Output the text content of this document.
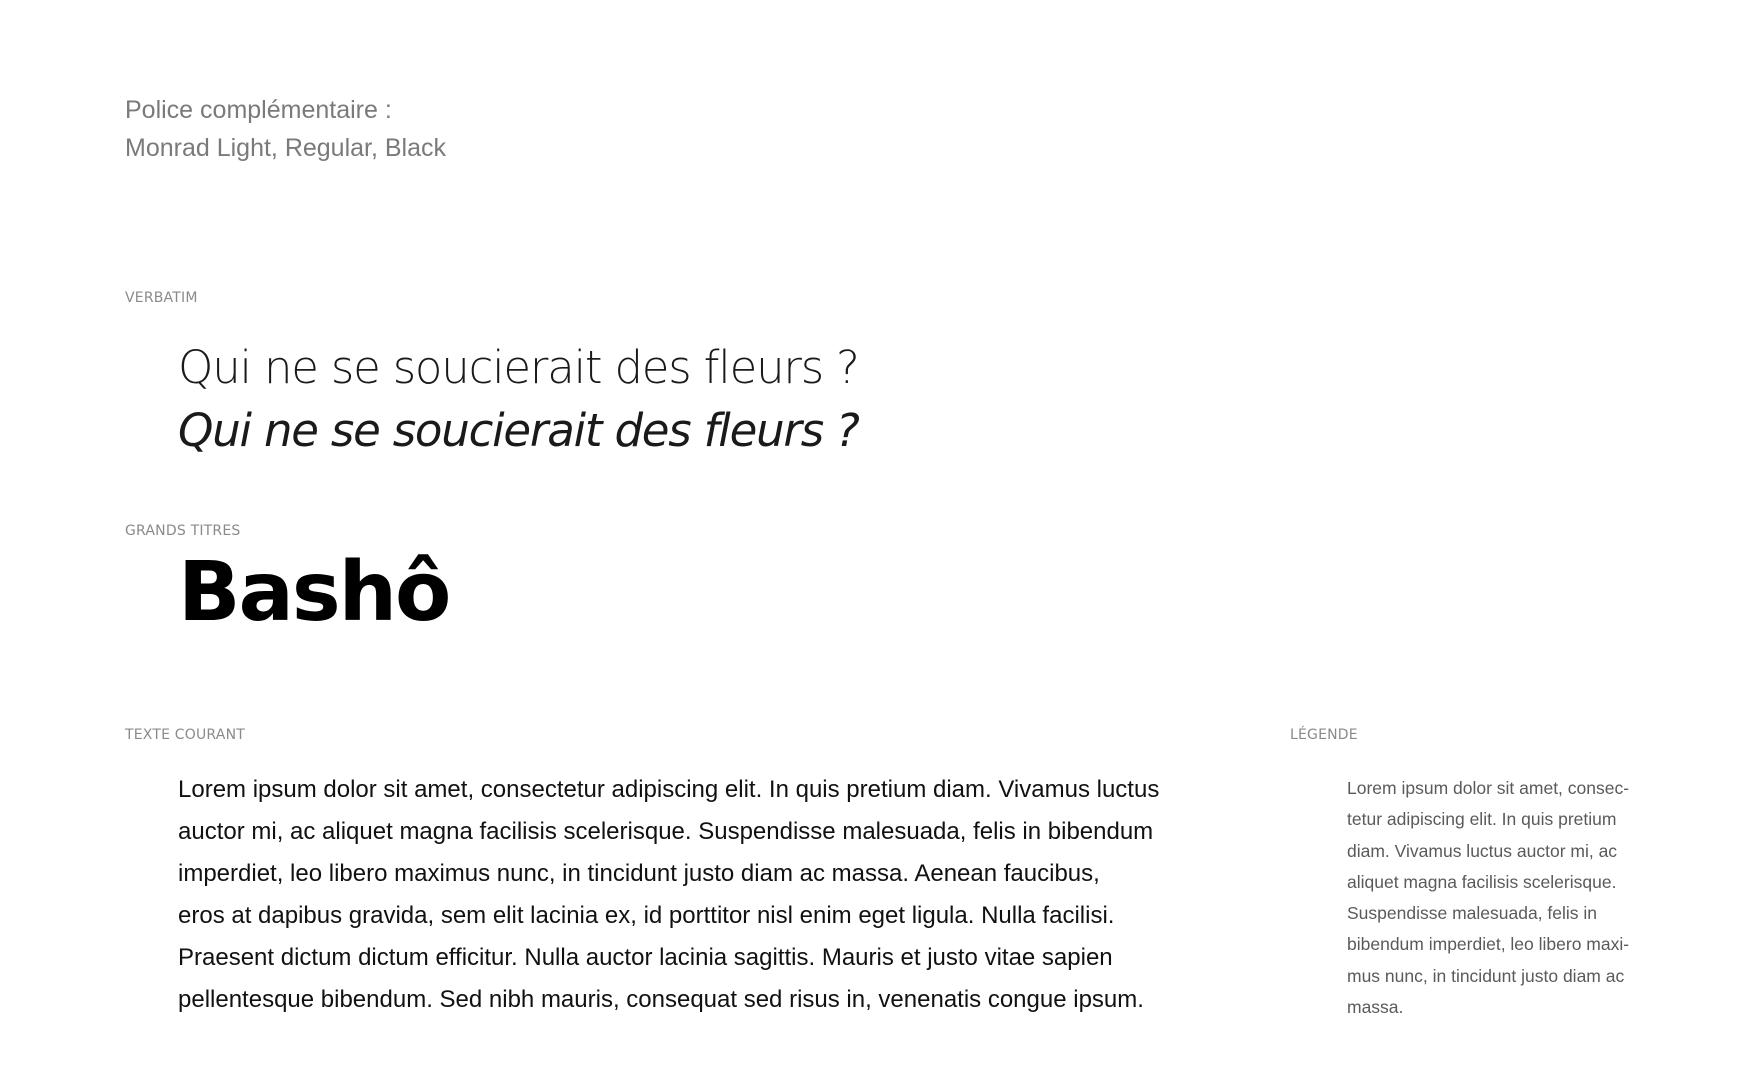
Police complémentaire :
Monrad Light, Regular, Black
VERBATIM
Qui ne se soucierait des fleurs ?
Qui ne se soucierait des fleurs ?
GRANDS TITRES
Bashô
TEXTE COURANT
Lorem ipsum dolor sit amet, consectetur adipiscing elit. In quis pretium diam. Vivamus luctus
auctor mi, ac aliquet magna facilisis scelerisque. Suspendisse malesuada, felis in bibendum
imperdiet, leo libero maximus nunc, in tincidunt justo diam ac massa. Aenean faucibus,
eros at dapibus gravida, sem elit lacinia ex, id porttitor nisl enim eget ligula. Nulla facilisi.
Praesent dictum dictum efficitur. Nulla auctor lacinia sagittis. Mauris et justo vitae sapien
pellentesque bibendum. Sed nibh mauris, consequat sed risus in, venenatis congue ipsum.
LÉGENDE
Lorem ipsum dolor sit amet, consec-
tetur adipiscing elit. In quis pretium
diam. Vivamus luctus auctor mi, ac
aliquet magna facilisis scelerisque.
Suspendisse malesuada, felis in
bibendum imperdiet, leo libero maxi-
mus nunc, in tincidunt justo diam ac
massa.
